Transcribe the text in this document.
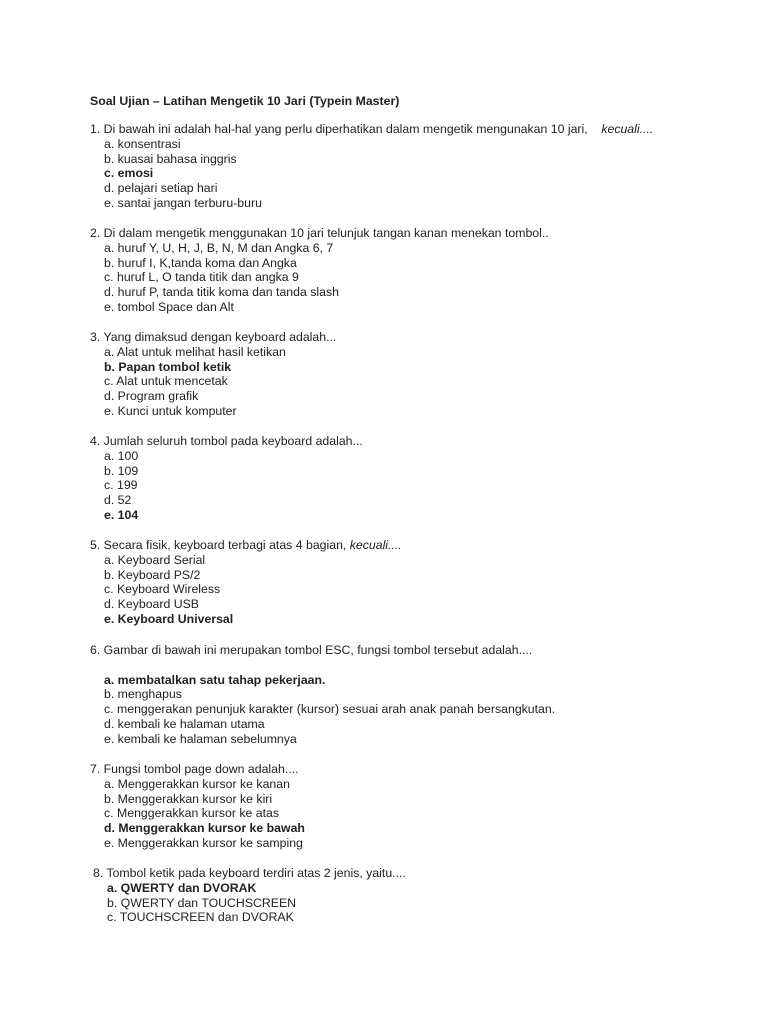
Soal Ujian – Latihan Mengetik 10 Jari (Typein Master)
1. Di bawah ini adalah hal-hal yang perlu diperhatikan dalam mengetik mengunakan 10 jari, kecuali....
a. konsentrasi
b. kuasai bahasa inggris
c. emosi
d. pelajari setiap hari
e. santai jangan terburu-buru
2. Di dalam mengetik menggunakan 10 jari telunjuk tangan kanan menekan tombol..
a. huruf Y, U, H, J, B, N, M dan Angka 6, 7
b. huruf I, K,tanda koma dan Angka
c. huruf L, O tanda titik dan angka 9
d. huruf P, tanda titik koma dan tanda slash
e. tombol Space dan Alt
3. Yang dimaksud dengan keyboard adalah...
a. Alat untuk melihat hasil ketikan
b. Papan tombol ketik
c. Alat untuk mencetak
d. Program grafik
e. Kunci untuk komputer
4. Jumlah seluruh tombol pada keyboard adalah...
a. 100
b. 109
c. 199
d. 52
e. 104
5. Secara fisik, keyboard terbagi atas 4 bagian, kecuali....
a. Keyboard Serial
b. Keyboard PS/2
c. Keyboard Wireless
d. Keyboard USB
e. Keyboard Universal
6. Gambar di bawah ini merupakan tombol ESC, fungsi tombol tersebut adalah....
a. membatalkan satu tahap pekerjaan.
b. menghapus
c. menggerakan penunjuk karakter (kursor) sesuai arah anak panah bersangkutan.
d. kembali ke halaman utama
e. kembali ke halaman sebelumnya
7. Fungsi tombol page down adalah....
a. Menggerakkan kursor ke kanan
b. Menggerakkan kursor ke kiri
c. Menggerakkan kursor ke atas
d. Menggerakkan kursor ke bawah
e. Menggerakkan kursor ke samping
8. Tombol ketik pada keyboard terdiri atas 2 jenis, yaitu....
a. QWERTY dan DVORAK
b. QWERTY dan TOUCHSCREEN
c. TOUCHSCREEN dan DVORAK
